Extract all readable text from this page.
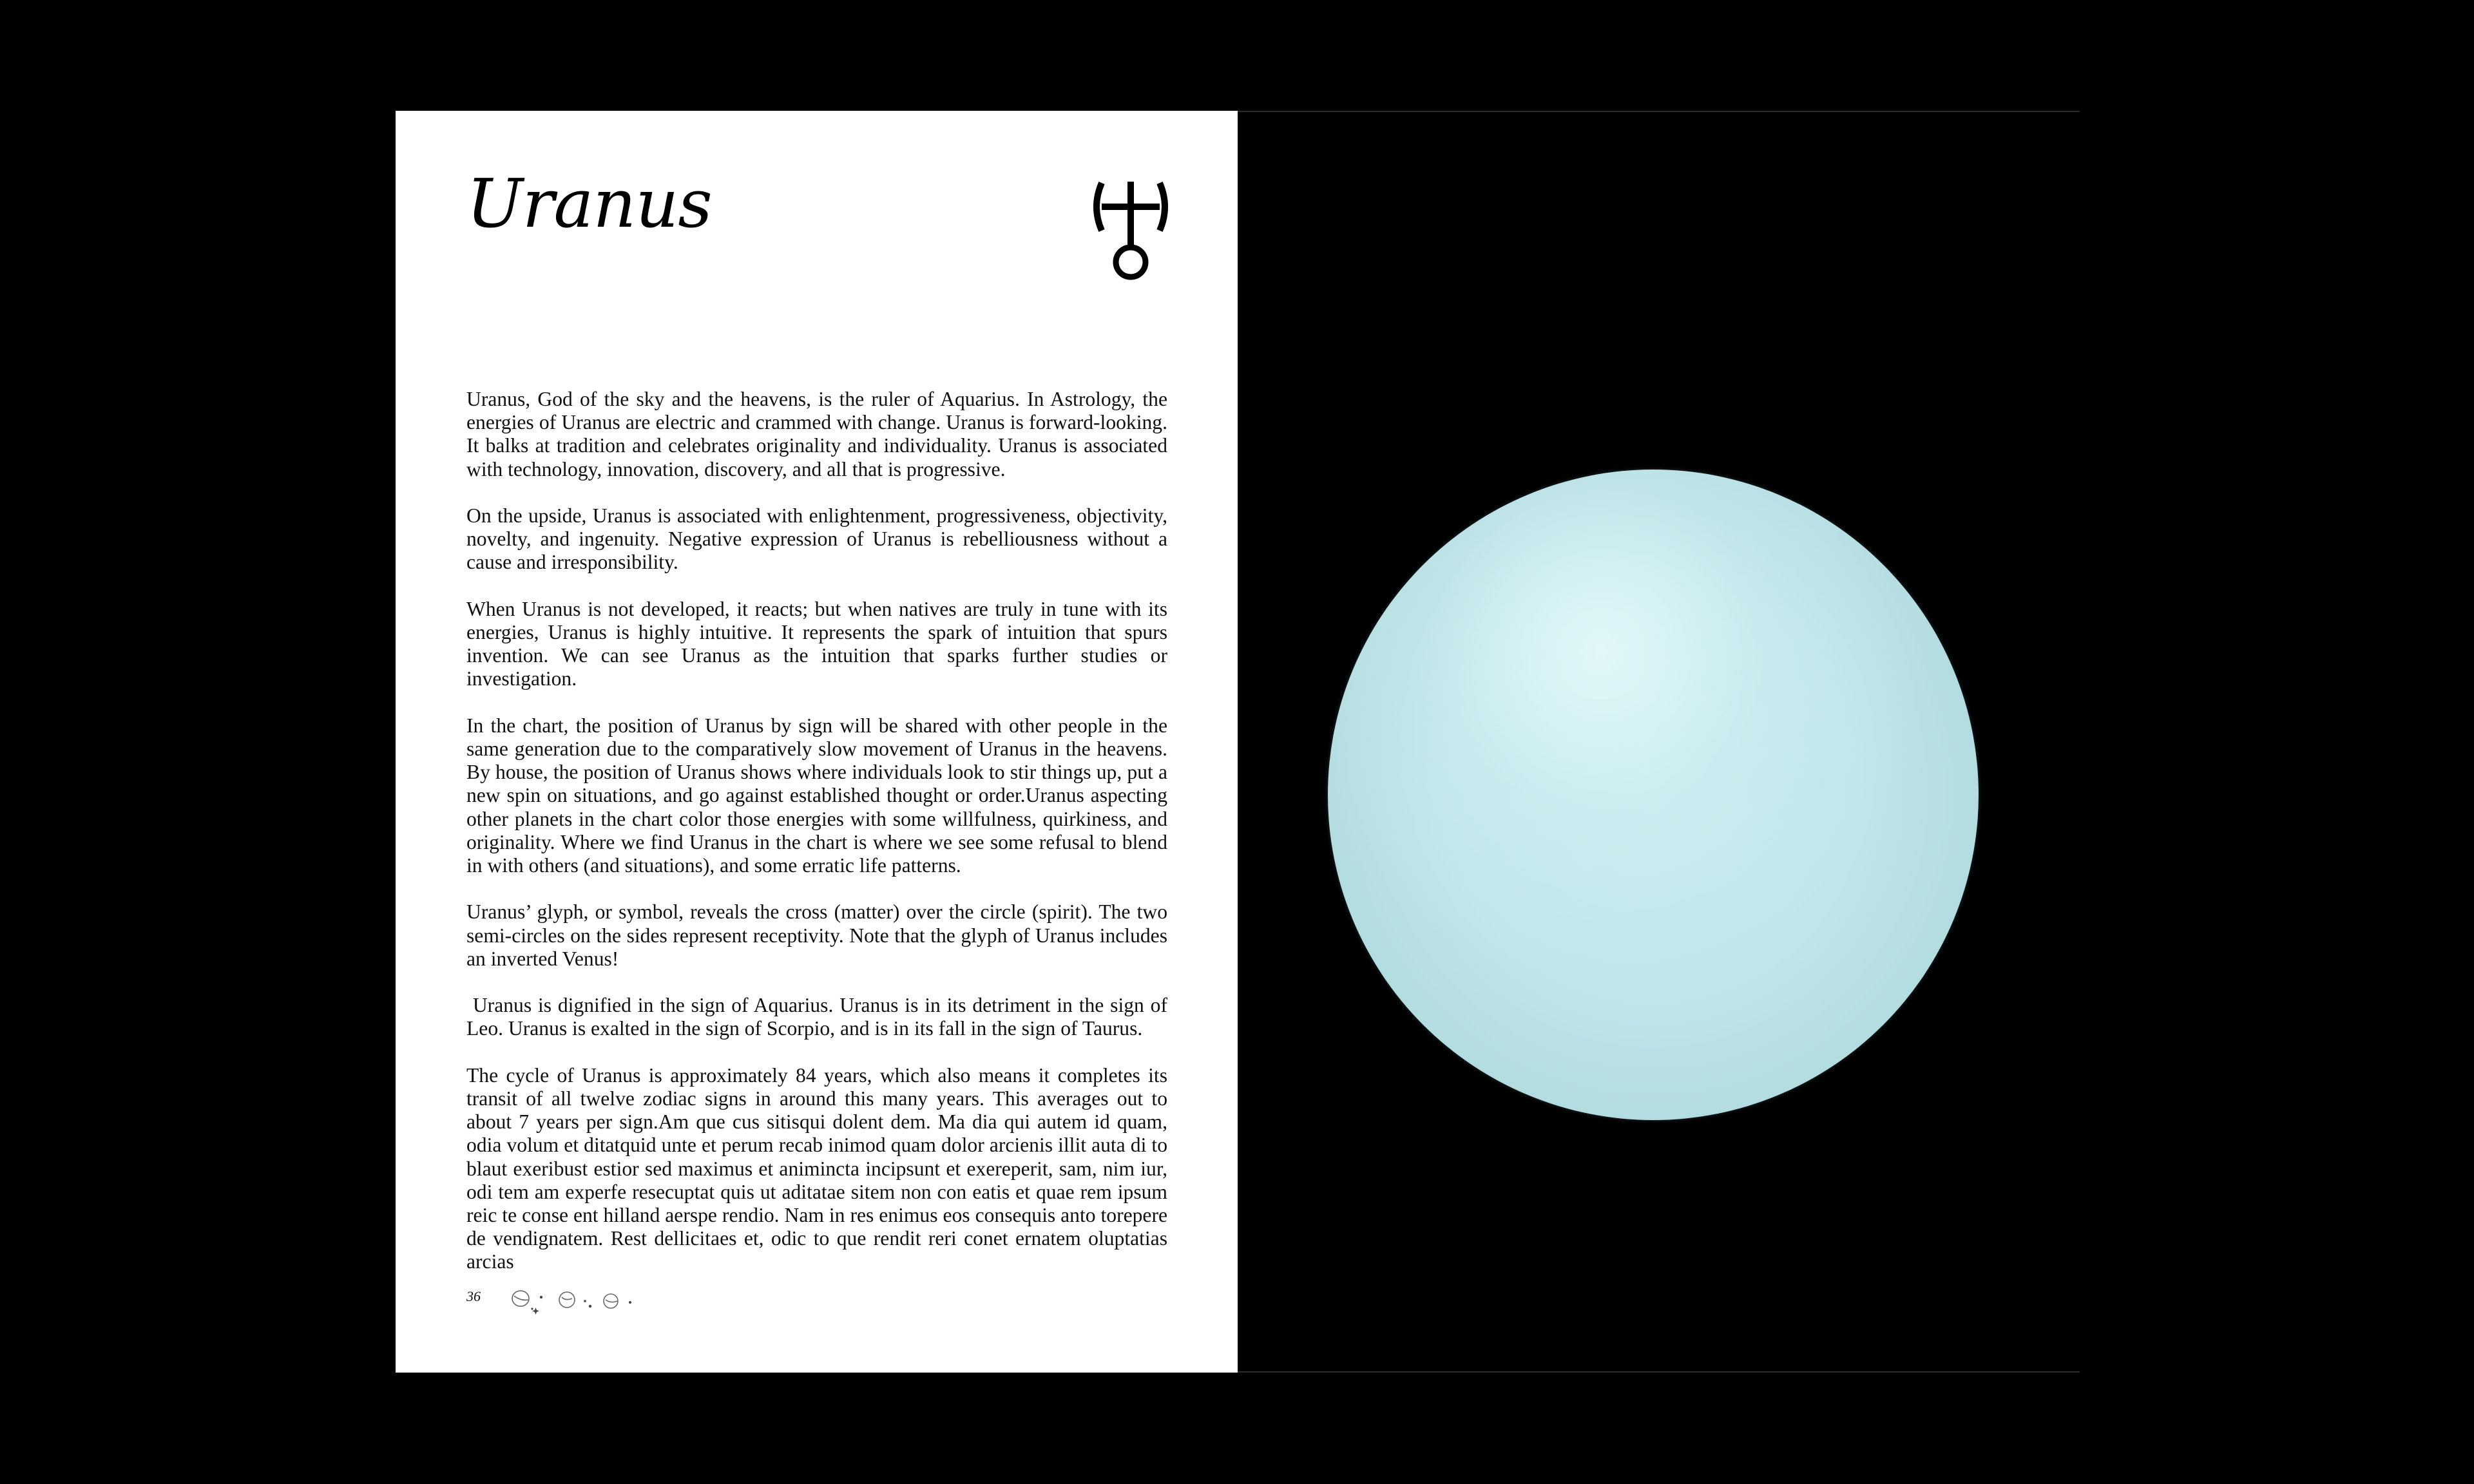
Uranus

Uranus, God of the sky and the heavens, is the ruler of Aquarius. In Astrology, the energies of Uranus are electric and crammed with change. Uranus is forward-looking. It balks at tradition and celebrates originality and individuality. Uranus is associated with technology, innovation, discovery, and all that is progressive.

On the upside, Uranus is associated with enlightenment, progressiveness, objectivity, novelty, and ingenuity. Negative expression of Uranus is rebelliousness without a cause and irresponsibility.

When Uranus is not developed, it reacts; but when natives are truly in tune with its energies, Uranus is highly intuitive. It represents the spark of intuition that spurs invention. We can see Uranus as the intuition that sparks further studies or investigation.

In the chart, the position of Uranus by sign will be shared with other people in the same generation due to the comparatively slow movement of Uranus in the heavens. By house, the position of Uranus shows where individuals look to stir things up, put a new spin on situations, and go against established thought or order.Uranus aspecting other planets in the chart color those energies with some willfulness, quirkiness, and originality. Where we find Uranus in the chart is where we see some refusal to blend in with others (and situations), and some erratic life patterns.

Uranus’ glyph, or symbol, reveals the cross (matter) over the circle (spirit). The two semi-circles on the sides represent receptivity. Note that the glyph of Uranus includes an inverted Venus!

Uranus is dignified in the sign of Aquarius. Uranus is in its detriment in the sign of Leo. Uranus is exalted in the sign of Scorpio, and is in its fall in the sign of Taurus.

The cycle of Uranus is approximately 84 years, which also means it completes its transit of all twelve zodiac signs in around this many years. This averages out to about 7 years per sign.Am que cus sitisqui dolent dem. Ma dia qui autem id quam, odia volum et ditatquid unte et perum recab inimod quam dolor arcienis illit auta di to blaut exeribust estior sed maximus et animincta incipsunt et exereperit, sam, nim iur, odi tem am experfe resecuptat quis ut aditatae sitem non con eatis et quae rem ipsum reic te conse ent hilland aerspe rendio. Nam in res enimus eos consequis anto torepere de vendignatem. Rest dellicitaes et, odic to que rendit reri conet ernatem oluptatias arcias

36
